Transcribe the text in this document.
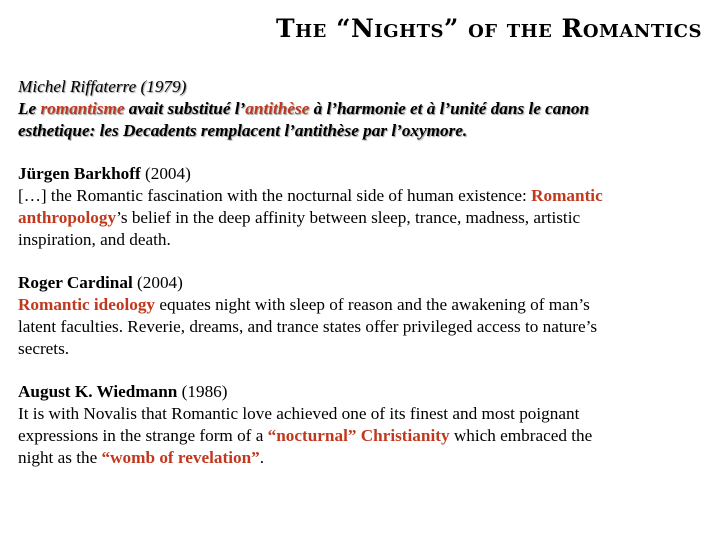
The “Nights” of the Romantics
Michel Riffaterre (1979)
Le romantisme avait substitué l’antithèse à l’harmonie et à l’unité dans le canon
esthetique: les Decadents remplacent l’antithèse par l’oxymore.
Jürgen Barkhoff (2004)
[…] the Romantic fascination with the nocturnal side of human existence: Romantic
anthropology’s belief in the deep affinity between sleep, trance, madness, artistic
inspiration, and death.
Roger Cardinal (2004)
Romantic ideology equates night with sleep of reason and the awakening of man’s
latent faculties. Reverie, dreams, and trance states offer privileged access to nature’s
secrets.
August K. Wiedmann (1986)
It is with Novalis that Romantic love achieved one of its finest and most poignant
expressions in the strange form of a “nocturnal” Christianity which embraced the
night as the “womb of revelation”.
